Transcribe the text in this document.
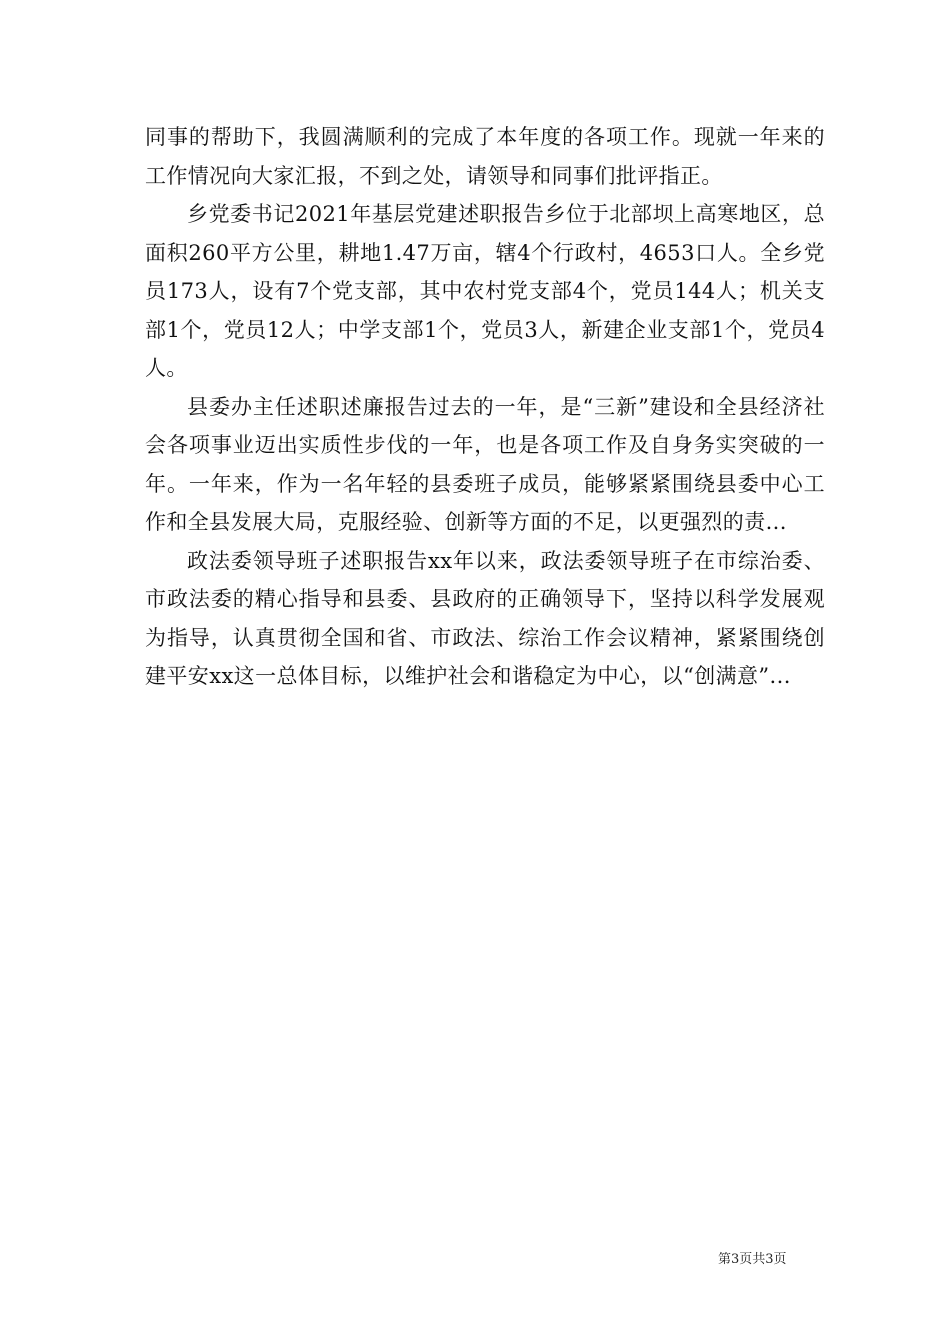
同事的帮助下，我圆满顺利的完成了本年度的各项工作。现就一年来的工作情况向大家汇报，不到之处，请领导和同事们批评指正。

乡党委书记2021年基层党建述职报告乡位于北部坝上高寒地区，总面积260平方公里，耕地1.47万亩，辖4个行政村，4653口人。全乡党员173人，设有7个党支部，其中农村党支部4个，党员144人；机关支部1个，党员12人；中学支部1个，党员3人，新建企业支部1个，党员4人。

县委办主任述职述廉报告过去的一年，是“三新”建设和全县经济社会各项事业迈出实质性步伐的一年，也是各项工作及自身务实突破的一年。一年来，作为一名年轻的县委班子成员，能够紧紧围绕县委中心工作和全县发展大局，克服经验、创新等方面的不足，以更强烈的责...

政法委领导班子述职报告xx年以来，政法委领导班子在市综治委、市政法委的精心指导和县委、县政府的正确领导下，坚持以科学发展观为指导，认真贯彻全国和省、市政法、综治工作会议精神，紧紧围绕创建平安xx这一总体目标，以维护社会和谐稳定为中心，以“创满意”...

第3页共3页
